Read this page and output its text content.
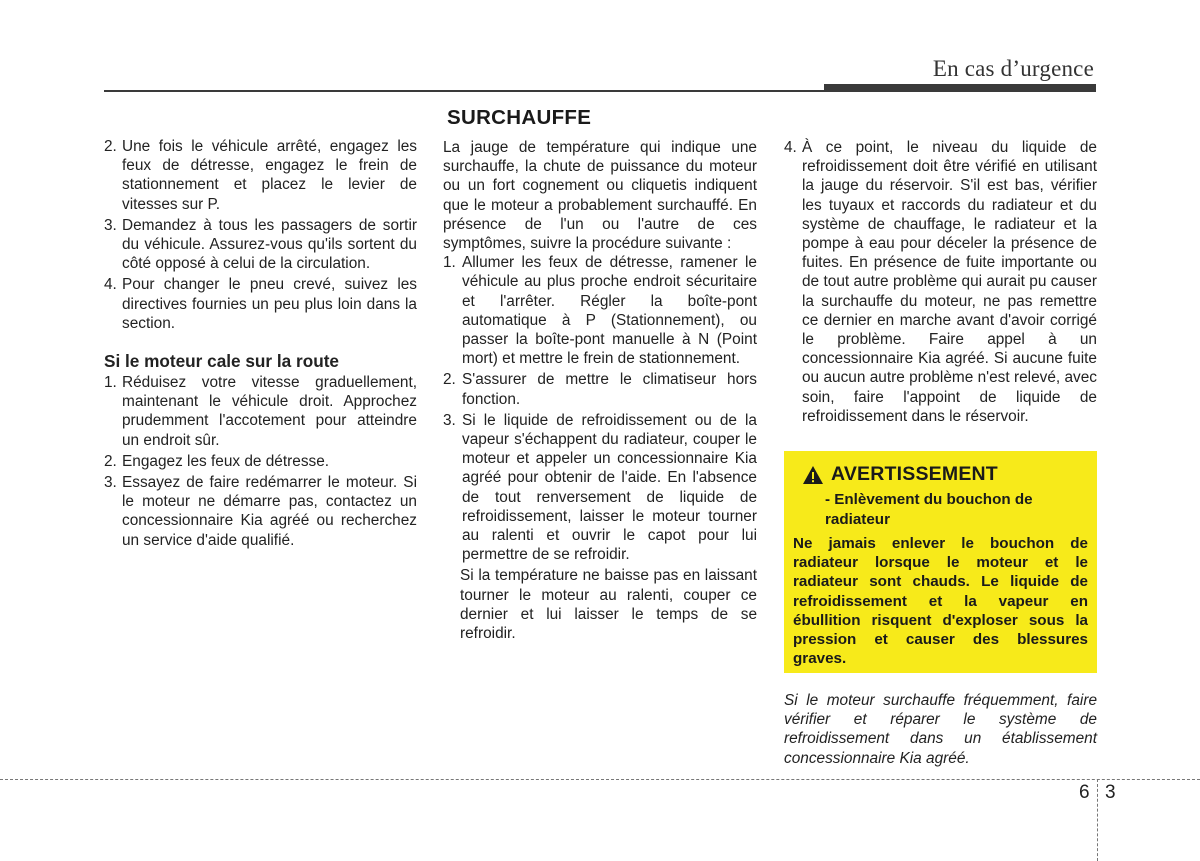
En cas d’urgence
2. Une fois le véhicule arrêté, engagez les feux de détresse, engagez le frein de stationnement et placez le levier de vitesses sur P.

3. Demandez à tous les passagers de sortir du véhicule. Assurez-vous qu'ils sortent du côté opposé à celui de la circulation.

4. Pour changer le pneu crevé, suivez les directives fournies un peu plus loin dans la section.

Si le moteur cale sur la route
1. Réduisez votre vitesse graduellement, maintenant le véhicule droit. Approchez prudemment l'accotement pour atteindre un endroit sûr.

2. Engagez les feux de détresse.

3. Essayez de faire redémarrer le moteur. Si le moteur ne démarre pas, contactez un concessionnaire Kia agréé ou recherchez un service d'aide qualifié.

SURCHAUFFE

La jauge de température qui indique une surchauffe, la chute de puissance du moteur ou un fort cognement ou cliquetis indiquent que le moteur a probablement surchauffé. En présence de l'un ou l'autre de ces symptômes, suivre la procédure suivante :

1. Allumer les feux de détresse, ramener le véhicule au plus proche endroit sécuritaire et l'arrêter. Régler la boîte-pont automatique à P (Stationnement), ou passer la boîte-pont manuelle à N (Point mort) et mettre le frein de stationnement.

2. S'assurer de mettre le climatiseur hors fonction.

3. Si le liquide de refroidissement ou de la vapeur s'échappent du radiateur, couper le moteur et appeler un concessionnaire Kia agréé pour obtenir de l'aide. En l'absence de tout renversement de liquide de refroidissement, laisser le moteur tourner au ralenti et ouvrir le capot pour lui permettre de se refroidir.

Si la température ne baisse pas en laissant tourner le moteur au ralenti, couper ce dernier et lui laisser le temps de se refroidir.

4. À ce point, le niveau du liquide de refroidissement doit être vérifié en utilisant la jauge du réservoir. S'il est bas, vérifier les tuyaux et raccords du radiateur et du système de chauffage, le radiateur et la pompe à eau pour déceler la présence de fuites. En présence de fuite importante ou de tout autre problème qui aurait pu causer la surchauffe du moteur, ne pas remettre ce dernier en marche avant d'avoir corrigé le problème. Faire appel à un concessionnaire Kia agréé. Si aucune fuite ou aucun autre problème n'est relevé, avec soin, faire l'appoint de liquide de refroidissement dans le réservoir.

AVERTISSEMENT
- Enlèvement du bouchon de radiateur
Ne jamais enlever le bouchon de radiateur lorsque le moteur et le radiateur sont chauds. Le liquide de refroidissement et la vapeur en ébullition risquent d'exploser sous la pression et causer des blessures graves.
Si le moteur surchauffe fréquemment, faire vérifier et réparer le système de refroidissement dans un établissement concessionnaire Kia agréé.
6 3
